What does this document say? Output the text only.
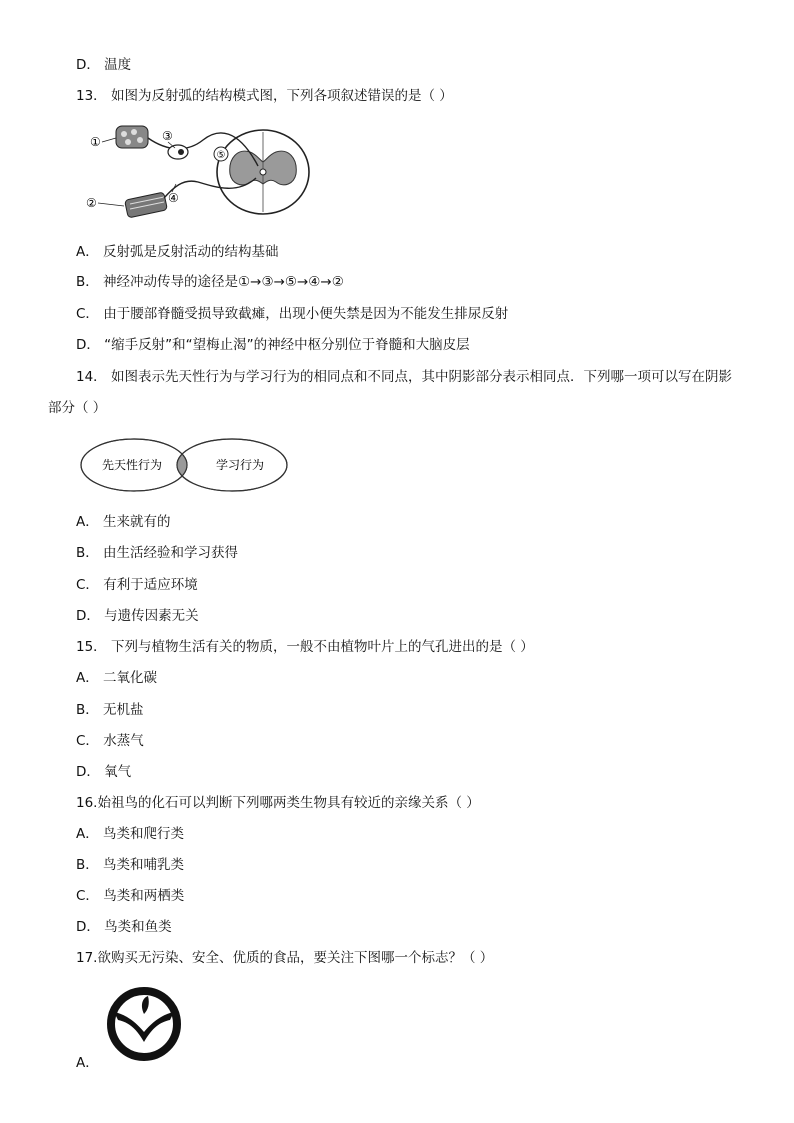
D． 温度
13． 如图为反射弧的结构模式图，下列各项叙述错误的是（ ）
⑤
①
②
③
④
A． 反射弧是反射活动的结构基础
B． 神经冲动传导的途径是①→③→⑤→④→②
C． 由于腰部脊髓受损导致截瘫，出现小便失禁是因为不能发生排尿反射
D． “缩手反射”和“望梅止渴”的神经中枢分别位于脊髓和大脑皮层
14． 如图表示先天性行为与学习行为的相同点和不同点，其中阴影部分表示相同点．下列哪一项可以写在阴影
部分（ ）
先天性行为	学习行为
A． 生来就有的
B． 由生活经验和学习获得
C． 有利于适应环境
D． 与遗传因素无关
15． 下列与植物生活有关的物质，一般不由植物叶片上的气孔进出的是（ ）
A． 二氧化碳
B． 无机盐
C． 水蒸气
D． 氧气
16.始祖鸟的化石可以判断下列哪两类生物具有较近的亲缘关系（ ）
A． 鸟类和爬行类
B． 鸟类和哺乳类
C． 鸟类和两栖类
D． 鸟类和鱼类
17.欲购买无污染、安全、优质的食品，要关注下图哪一个标志？（ ）
A．
